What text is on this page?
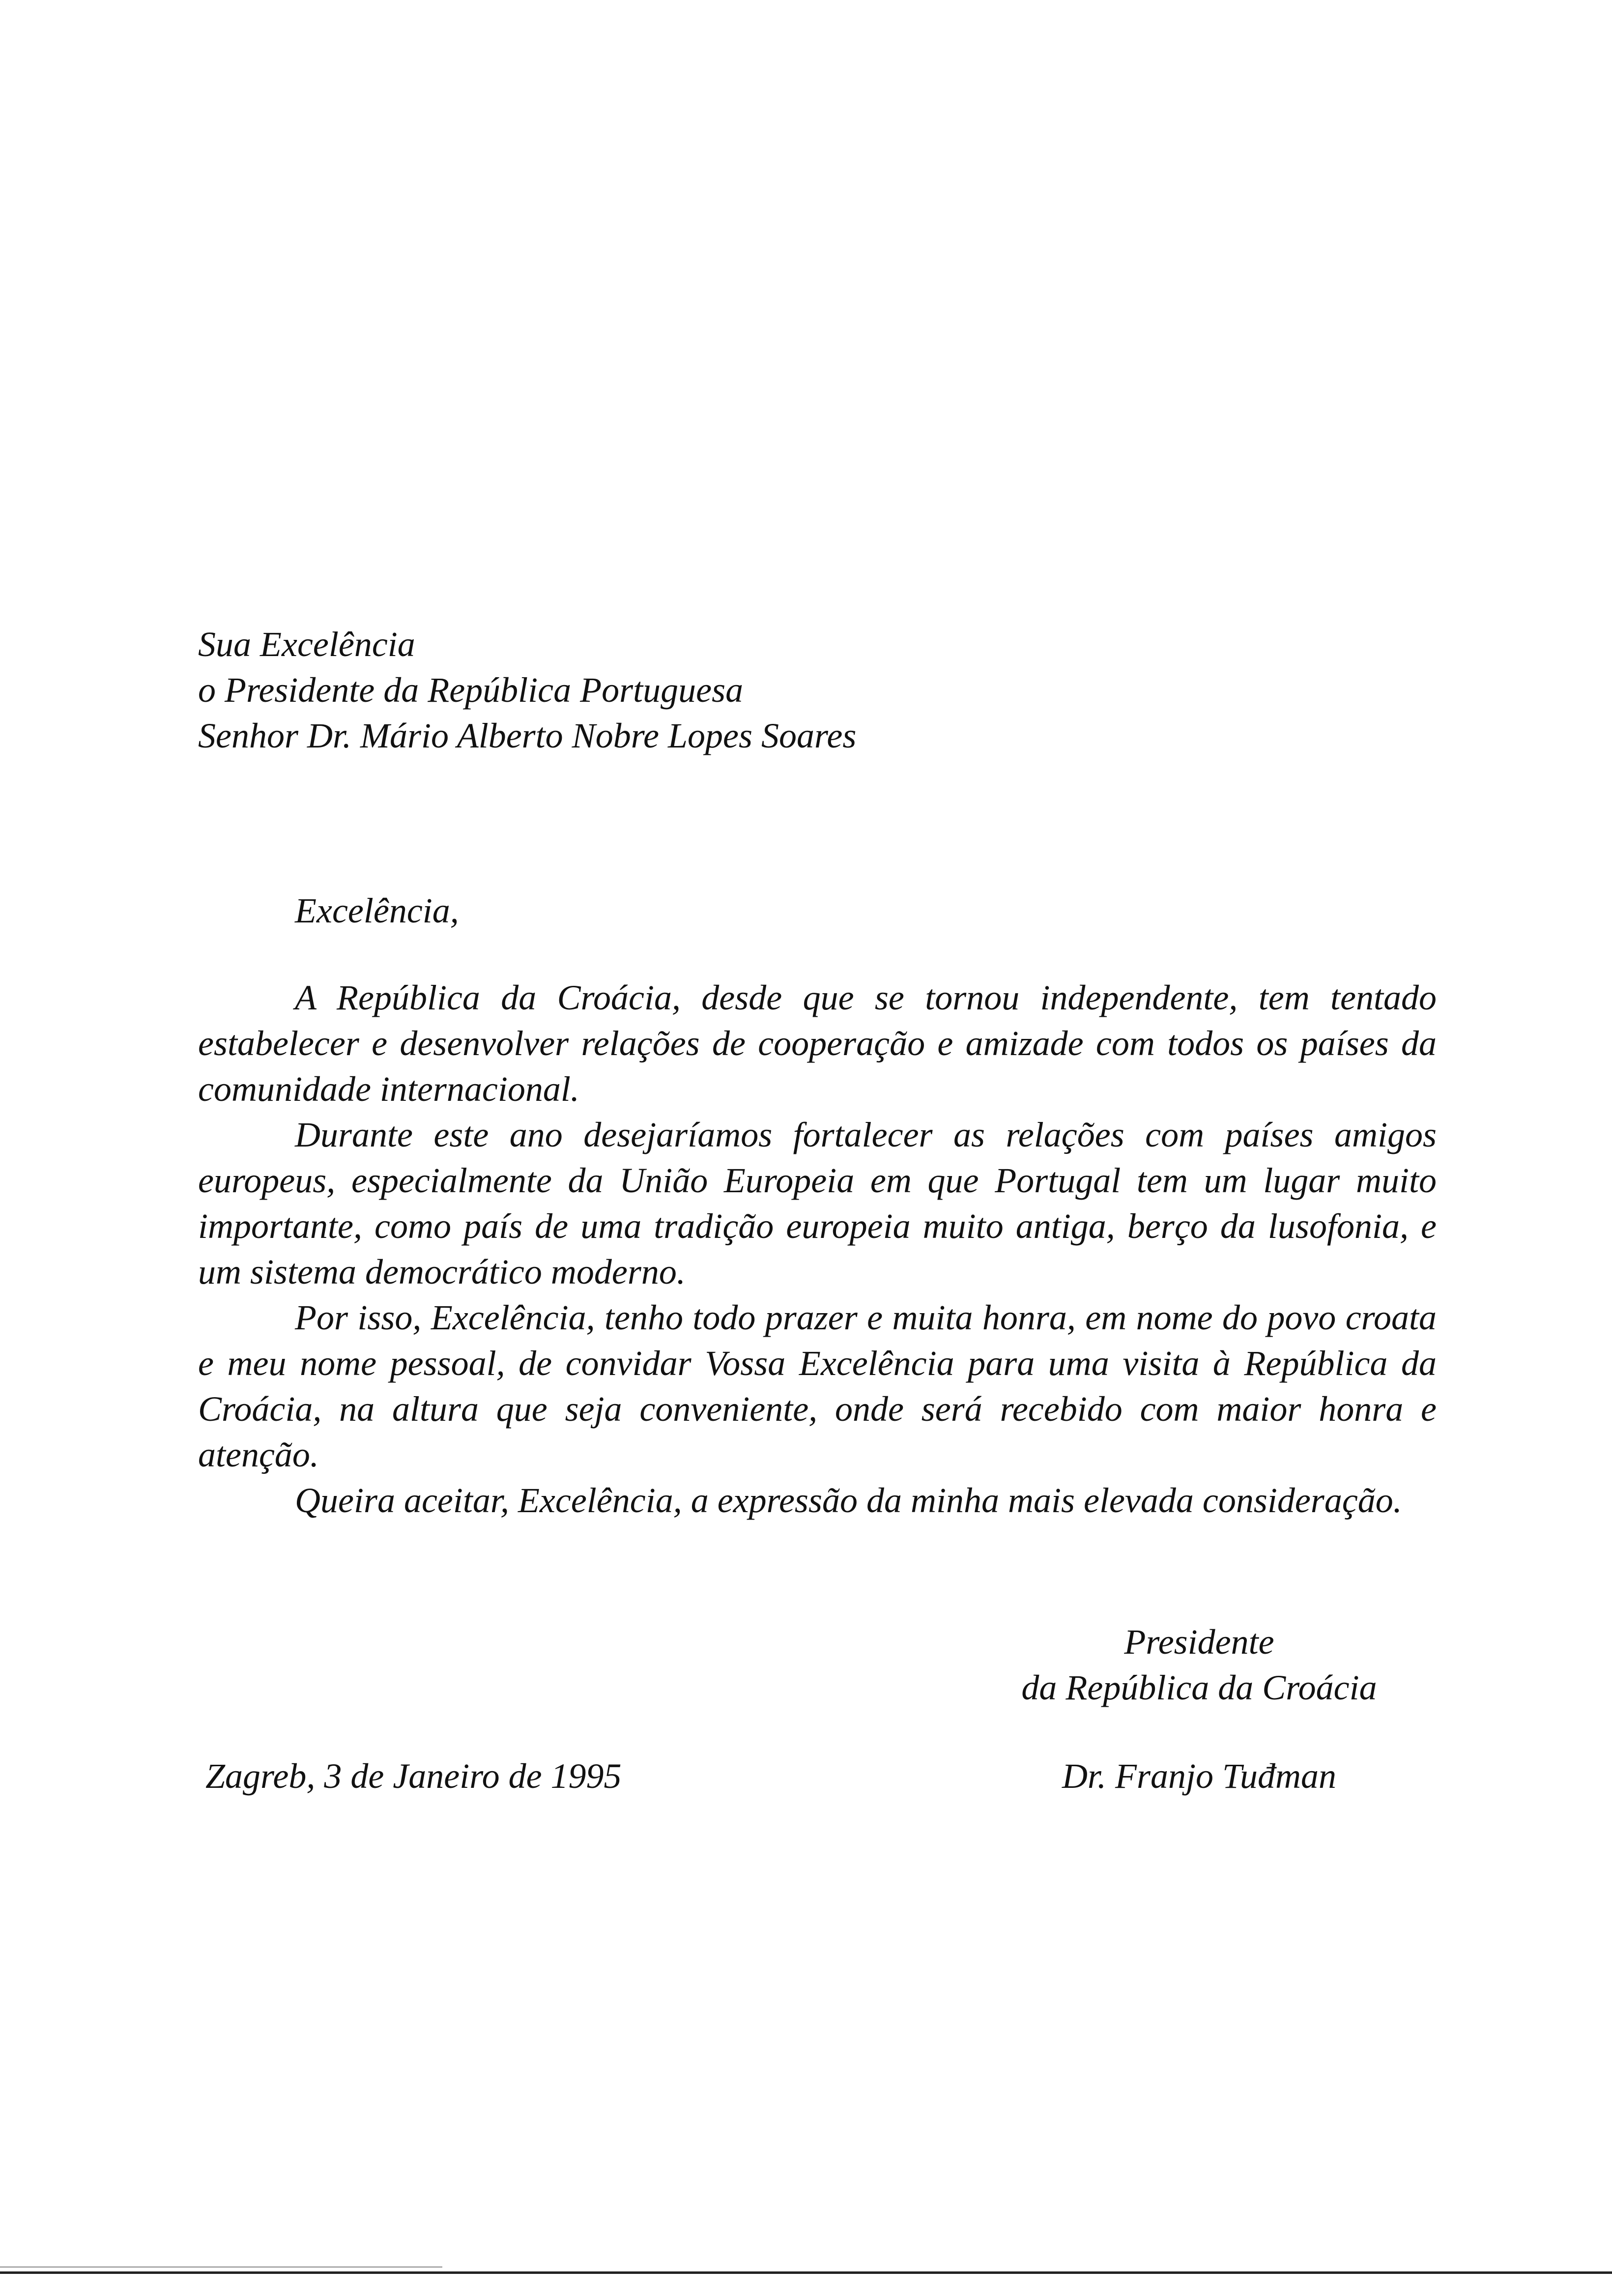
Sua Excelência
o Presidente da República Portuguesa
Senhor Dr. Mário Alberto Nobre Lopes Soares
Excelência,

A República da Croácia, desde que se tornou independente, tem tentado estabelecer e desenvolver relações de cooperação e amizade com todos os países da comunidade internacional.

Durante este ano desejaríamos fortalecer as relações com países amigos europeus, especialmente da União Europeia em que Portugal tem um lugar muito importante, como país de uma tradição europeia muito antiga, berço da lusofonia, e um sistema democrático moderno.

Por isso, Excelência, tenho todo prazer e muita honra, em nome do povo croata e meu nome pessoal, de convidar Vossa Excelência para uma visita à República da Croácia, na altura que seja conveniente, onde será recebido com maior honra e atenção.

Queira aceitar, Excelência, a expressão da minha mais elevada consideração.

Presidente
da República da Croácia
Zagreb, 3 de Janeiro de 1995	Dr. Franjo Tuđman
